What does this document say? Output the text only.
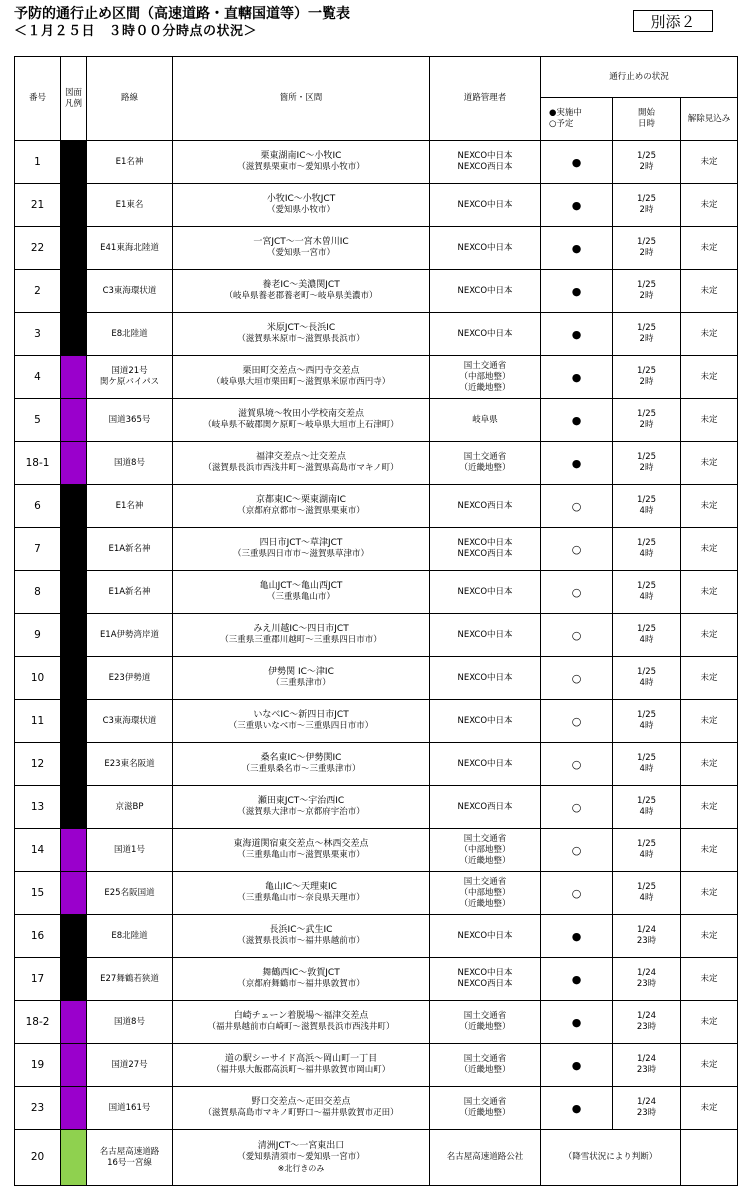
予防的通行止め区間（高速道路・直轄国道等）一覧表
＜１月２５日　３時００分時点の状況＞
別添２
番号	図面凡例	路線	箇所・区間	道路管理者	通行止めの状況		
					●実施中
○予定	開始
日時	解除見込み
1		E1名神	栗東湖南IC～小牧IC
（滋賀県栗東市～愛知県小牧市）	NEXCO中日本
NEXCO西日本	●	1/25
2時	未定
21		E1東名	小牧IC～小牧JCT
（愛知県小牧市）	NEXCO中日本	●	1/25
2時	未定
22		E41東海北陸道	一宮JCT～一宮木曽川IC
（愛知県一宮市）	NEXCO中日本	●	1/25
2時	未定
2		C3東海環状道	養老IC～美濃関JCT
（岐阜県養老郡養老町～岐阜県美濃市）	NEXCO中日本	●	1/25
2時	未定
3		E8北陸道	米原JCT～長浜IC
（滋賀県米原市～滋賀県長浜市）	NEXCO中日本	●	1/25
2時	未定
4		国道21号
関ケ原バイパス	栗田町交差点～西円寺交差点
（岐阜県大垣市栗田町～滋賀県米原市西円寺）	国土交通省
（中部地整）
（近畿地整）	●	1/25
2時	未定
5		国道365号	滋賀県境～牧田小学校南交差点
（岐阜県不破郡関ケ原町～岐阜県大垣市上石津町）	岐阜県	●	1/25
2時	未定
18-1		国道8号	福津交差点～辻交差点
（滋賀県長浜市西浅井町～滋賀県高島市マキノ町）	国土交通省
（近畿地整）	●	1/25
2時	未定
6		E1名神	京都東IC～栗東湖南IC
（京都府京都市～滋賀県栗東市）	NEXCO西日本	○	1/25
4時	未定
7		E1A新名神	四日市JCT～草津JCT
（三重県四日市市～滋賀県草津市）	NEXCO中日本
NEXCO西日本	○	1/25
4時	未定
8		E1A新名神	亀山JCT～亀山西JCT
（三重県亀山市）	NEXCO中日本	○	1/25
4時	未定
9		E1A伊勢湾岸道	みえ川越IC～四日市JCT
（三重県三重郡川越町～三重県四日市市）	NEXCO中日本	○	1/25
4時	未定
10		E23伊勢道	伊勢関 IC～津IC
（三重県津市）	NEXCO中日本	○	1/25
4時	未定
11		C3東海環状道	いなべIC～新四日市JCT
（三重県いなべ市～三重県四日市市）	NEXCO中日本	○	1/25
4時	未定
12		E23東名阪道	桑名東IC～伊勢関IC
（三重県桑名市～三重県津市）	NEXCO中日本	○	1/25
4時	未定
13		京滋BP	瀬田東JCT～宇治西IC
（滋賀県大津市～京都府宇治市）	NEXCO西日本	○	1/25
4時	未定
14		国道1号	東海道関宿東交差点～林西交差点
（三重県亀山市～滋賀県栗東市）	国土交通省
（中部地整）
（近畿地整）	○	1/25
4時	未定
15		E25名阪国道	亀山IC～天理東IC
（三重県亀山市～奈良県天理市）	国土交通省
（中部地整）
（近畿地整）	○	1/25
4時	未定
16		E8北陸道	長浜IC～武生IC
（滋賀県長浜市～福井県越前市）	NEXCO中日本	●	1/24
23時	未定
17		E27舞鶴若狭道	舞鶴西IC～敦賀JCT
（京都府舞鶴市～福井県敦賀市）	NEXCO中日本
NEXCO西日本	●	1/24
23時	未定
18-2		国道8号	白崎チェーン着脱場～福津交差点
（福井県越前市白崎町～滋賀県長浜市西浅井町）	国土交通省
（近畿地整）	●	1/24
23時	未定
19		国道27号	道の駅シーサイド高浜～岡山町一丁目
（福井県大飯郡高浜町～福井県敦賀市岡山町）	国土交通省
（近畿地整）	●	1/24
23時	未定
23		国道161号	野口交差点～疋田交差点
（滋賀県高島市マキノ町野口～福井県敦賀市疋田）	国土交通省
（近畿地整）	●	1/24
23時	未定
20		名古屋高速道路
16号一宮線	清洲JCT～一宮東出口
（愛知県清須市～愛知県一宮市）
※北行きのみ	名古屋高速道路公社	（降雪状況により判断）		
